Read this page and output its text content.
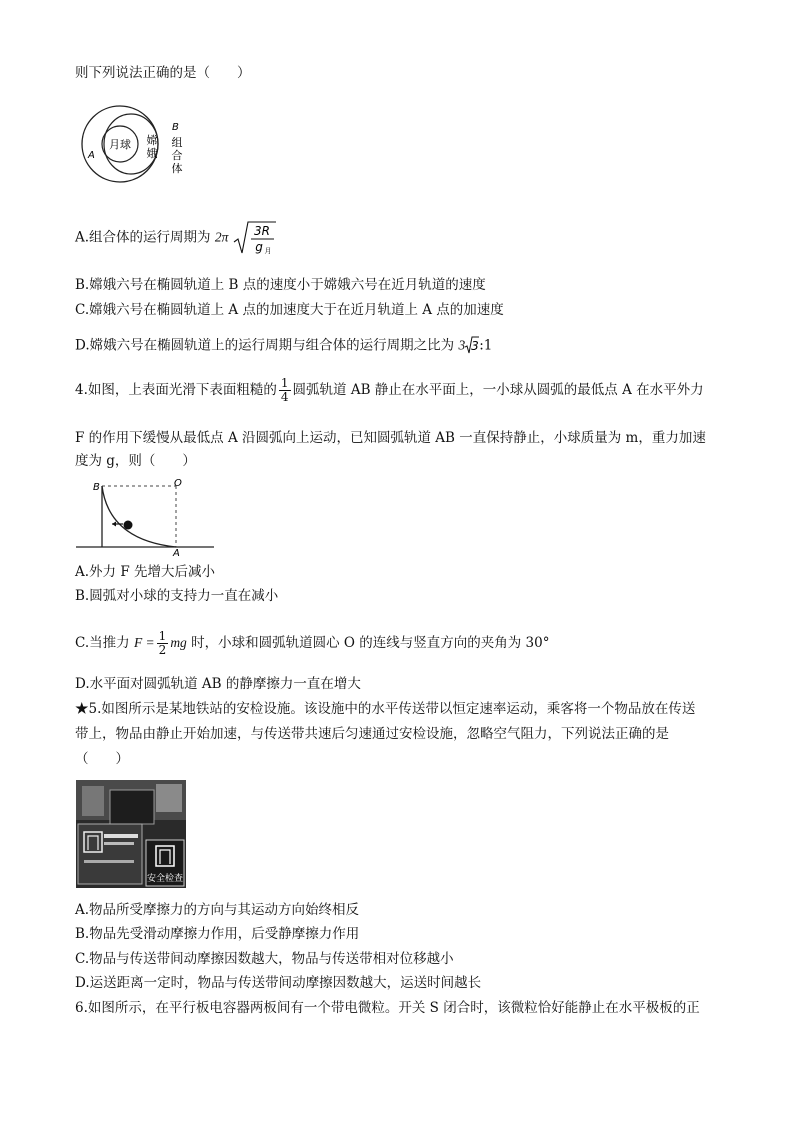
则下列说法正确的是（　　）
月球 嫦
娥
A
B
组
合
体
A.组合体的运行周期为 2π 3R
g 月
B.嫦娥六号在椭圆轨道上 B 点的速度小于嫦娥六号在近月轨道的速度
C.嫦娥六号在椭圆轨道上 A 点的加速度大于在近月轨道上 A 点的加速度
D.嫦娥六号在椭圆轨道上的运行周期与组合体的运行周期之比为 3 3 :1
4.如图，上表面光滑下表面粗糙的 $\frac{1}{4}$ 圆弧轨道 AB 静止在水平面上，一小球从圆弧的最低点 A 在水平外力
F 的作用下缓慢从最低点 A 沿圆弧向上运动，已知圆弧轨道 AB 一直保持静止，小球质量为 m，重力加速
度为 g，则（　　）
B	O
A
A.外力 F 先增大后减小
B.圆弧对小球的支持力一直在减小
C.当推力 $F = \frac{1}{2}$ mg 时，小球和圆弧轨道圆心 O 的连线与竖直方向的夹角为 30°
D.水平面对圆弧轨道 AB 的静摩擦力一直在增大
★5.如图所示是某地铁站的安检设施。该设施中的水平传送带以恒定速率运动，乘客将一个物品放在传送
带上，物品由静止开始加速，与传送带共速后匀速通过安检设施，忽略空气阻力，下列说法正确的是
（　　）
安全检查
A.物品所受摩擦力的方向与其运动方向始终相反
B.物品先受滑动摩擦力作用，后受静摩擦力作用
C.物品与传送带间动摩擦因数越大，物品与传送带相对位移越小
D.运送距离一定时，物品与传送带间动摩擦因数越大，运送时间越长
6.如图所示，在平行板电容器两板间有一个带电微粒。开关 S 闭合时，该微粒恰好能静止在水平极板的正
